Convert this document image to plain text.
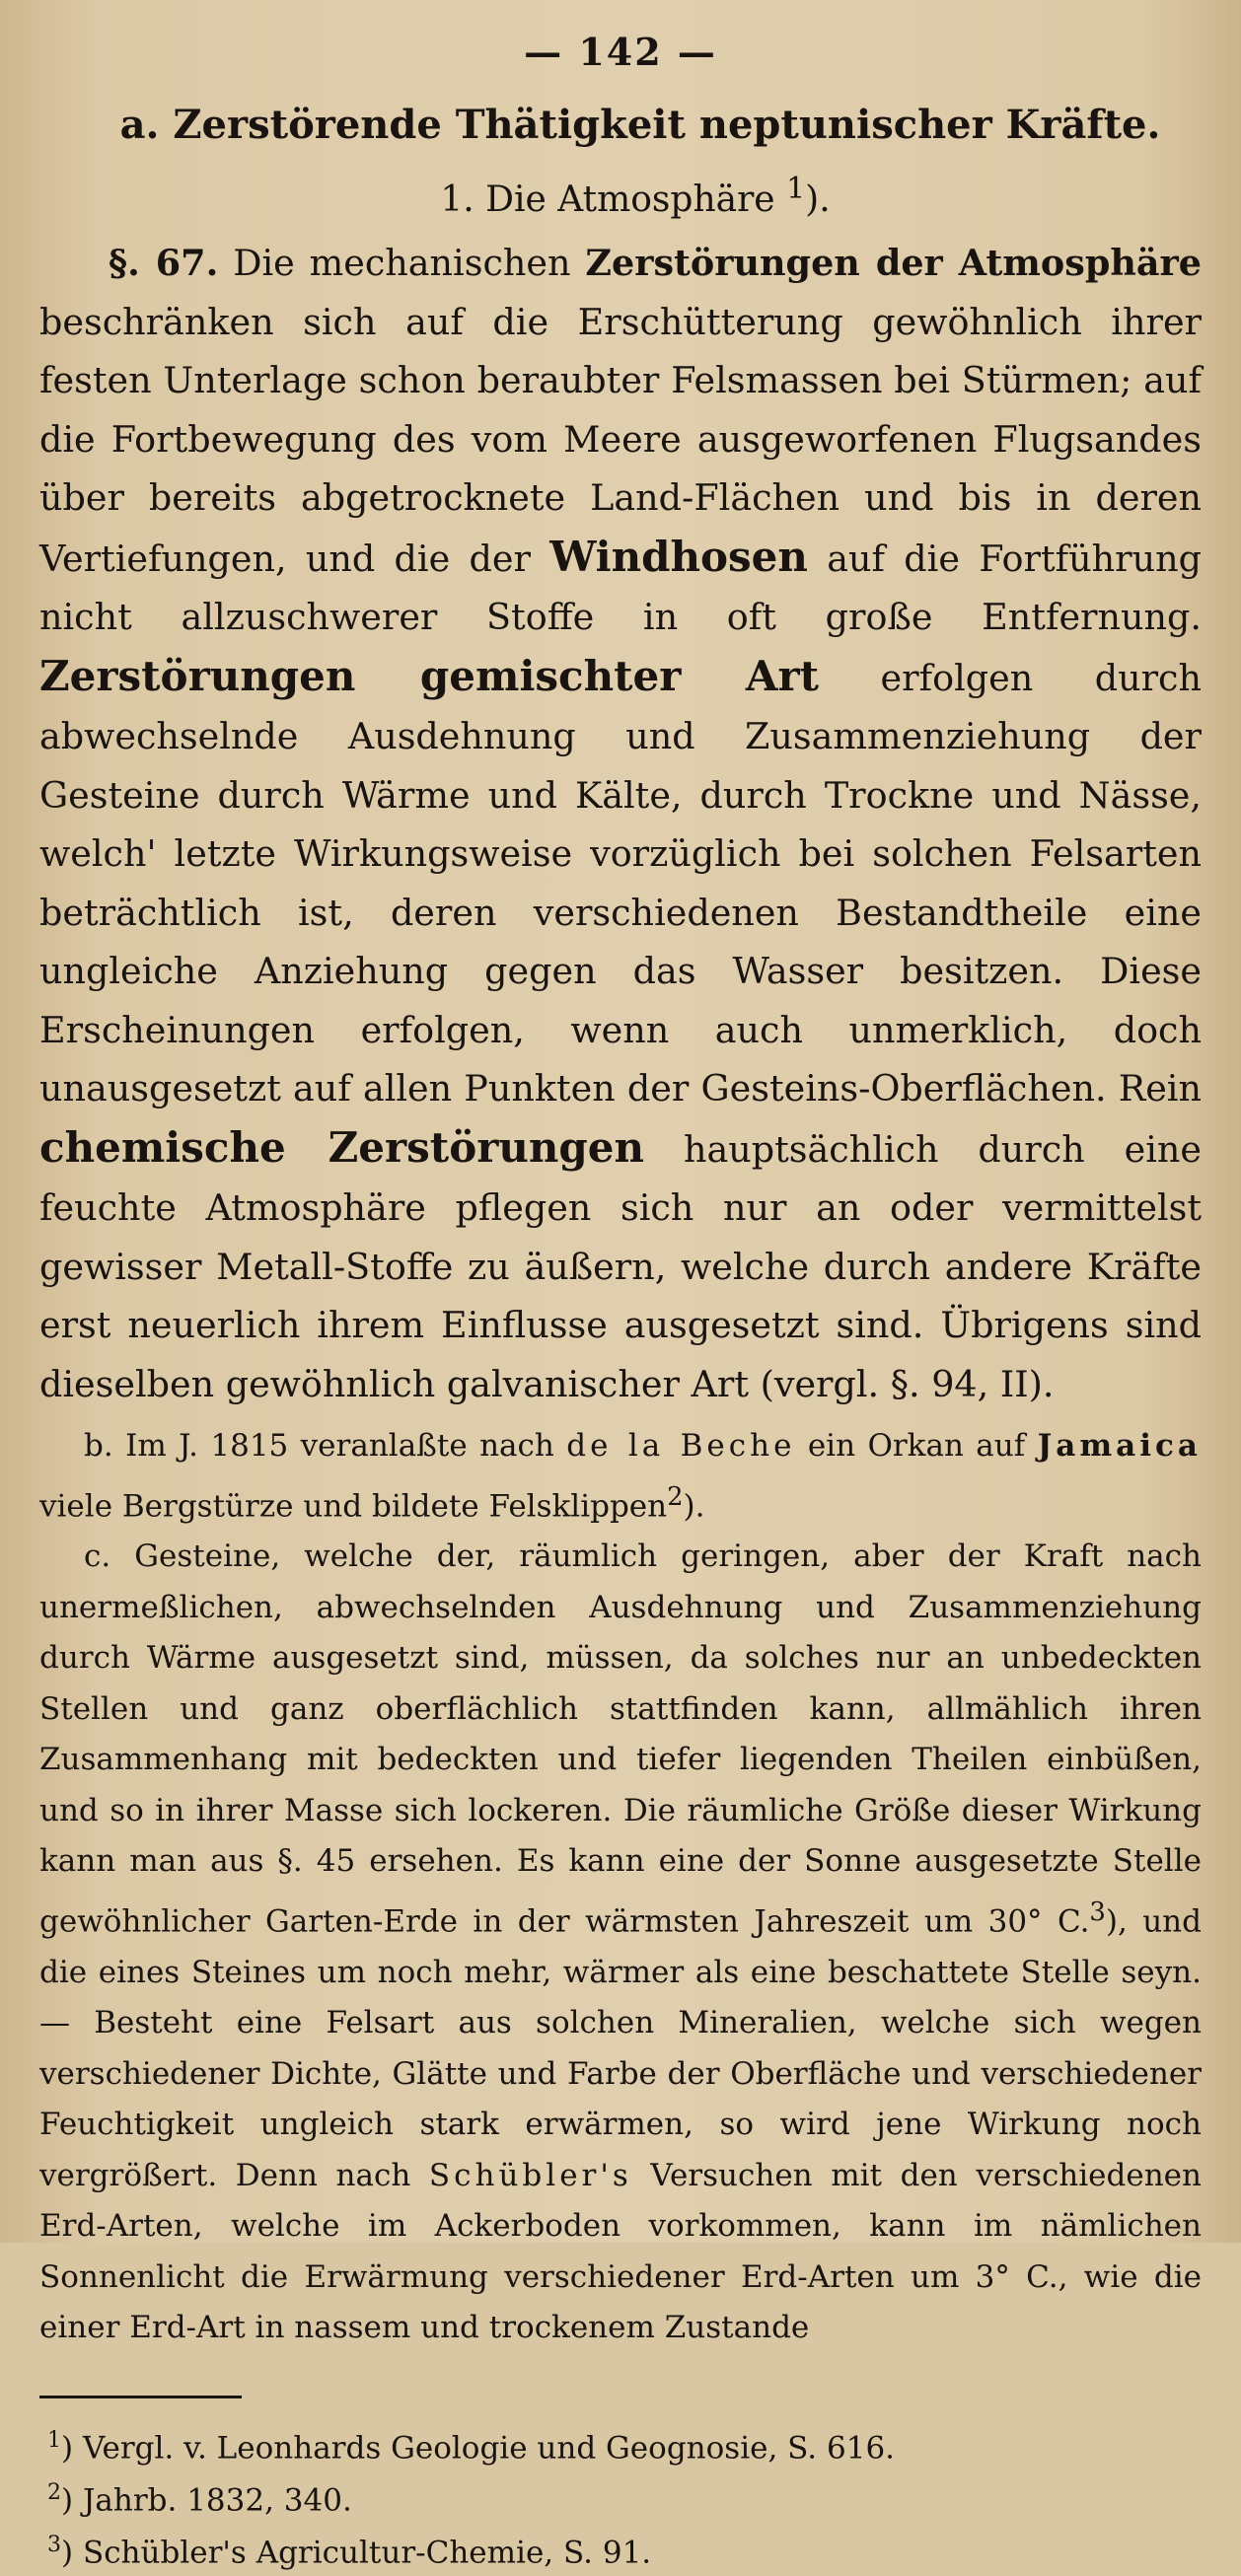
— 142 —
a. Zerstörende Thätigkeit neptunischer Kräfte.
1. Die Atmosphäre $^1$).

§. 67. Die mechanischen Zerstörungen der Atmosphäre beschränken sich auf die Erschütterung gewöhnlich ihrer festen Unterlage schon beraubter Felsmassen bei Stürmen; auf die Fortbewegung des vom Meere ausgeworfenen Flugsandes über bereits abgetrocknete Land-Flächen und bis in deren Vertiefungen, und die der Windhosen auf die Fortführung nicht allzuschwerer Stoffe in oft große Entfernung. Zerstörungen gemischter Art erfolgen durch abwechselnde Ausdehnung und Zusammenziehung der Gesteine durch Wärme und Kälte, durch Trockne und Nässe, welch' letzte Wirkungsweise vorzüglich bei solchen Felsarten beträchtlich ist, deren verschiedenen Bestandtheile eine ungleiche Anziehung gegen das Wasser besitzen. Diese Erscheinungen erfolgen, wenn auch unmerklich, doch unausgesetzt auf allen Punkten der Gesteins-Oberflächen. Rein chemische Zerstörungen hauptsächlich durch eine feuchte Atmosphäre pflegen sich nur an oder vermittelst gewisser Metall-Stoffe zu äußern, welche durch andere Kräfte erst neuerlich ihrem Einflusse ausgesetzt sind. Übrigens sind dieselben gewöhnlich galvanischer Art (vergl. §. 94, II).

b. Im J. 1815 veranlaßte nach de la Beche ein Orkan auf Jamaica viele Bergstürze und bildete Felsklippen$^2$).

c. Gesteine, welche der, räumlich geringen, aber der Kraft nach unermeßlichen, abwechselnden Ausdehnung und Zusammenziehung durch Wärme ausgesetzt sind, müssen, da solches nur an unbedeckten Stellen und ganz oberflächlich stattfinden kann, allmählich ihren Zusammenhang mit bedeckten und tiefer liegenden Theilen einbüßen, und so in ihrer Masse sich lockeren. Die räumliche Größe dieser Wirkung kann man aus §. 45 ersehen. Es kann eine der Sonne ausgesetzte Stelle gewöhnlicher Garten-Erde in der wärmsten Jahreszeit um 30° C.$^3$), und die eines Steines um noch mehr, wärmer als eine beschattete Stelle seyn. — Besteht eine Felsart aus solchen Mineralien, welche sich wegen verschiedener Dichte, Glätte und Farbe der Oberfläche und verschiedener Feuchtigkeit ungleich stark erwärmen, so wird jene Wirkung noch vergrößert. Denn nach Schübler's Versuchen mit den verschiedenen Erd-Arten, welche im Ackerboden vorkommen, kann im nämlichen Sonnenlicht die Erwärmung verschiedener Erd-Arten um 3° C., wie die einer Erd-Art in nassem und trockenem Zustande

$^1$) Vergl. v. Leonhards Geologie und Geognosie, S. 616.
$^2$) Jahrb. 1832, 340.
$^3$) Schübler's Agricultur-Chemie, S. 91.
